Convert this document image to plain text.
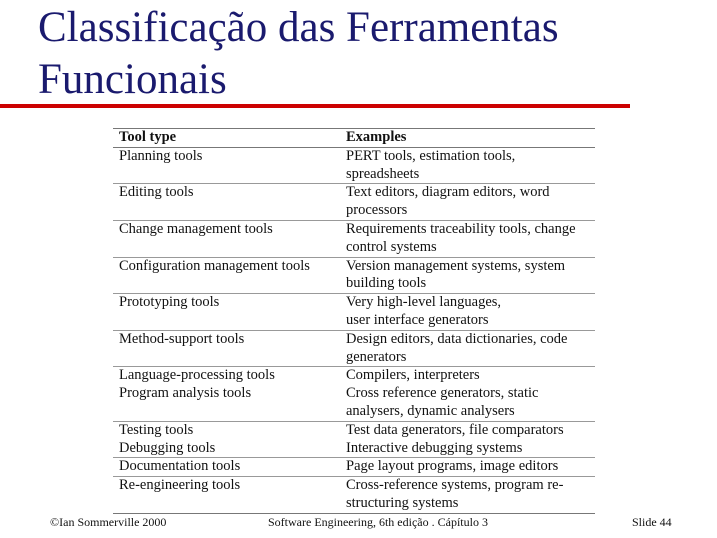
Classificação das Ferramentas
Funcionais
Tool type	Examples
Planning tools	PERT tools, estimation tools,
spreadsheets

Editing tools	Text editors, diagram editors, word
processors

Change management tools	Requirements traceability tools, change
control systems

Configuration management tools	Version management systems, system
building tools

Prototyping tools	Very high-level languages,
user interface generators

Method-support tools	Design editors, data dictionaries, code
generators

Language-processing tools	Compilers, interpreters

Program analysis tools	Cross reference generators, static
analysers, dynamic analysers

Testing tools	Test data generators, file comparators

Debugging tools	Interactive debugging systems

Documentation tools	Page layout programs, image editors

Re-engineering tools	Cross-reference systems, program re-
structuring systems
©Ian Sommerville 2000	Software Engineering, 6th edição . Cápítulo 3	Slide 44
